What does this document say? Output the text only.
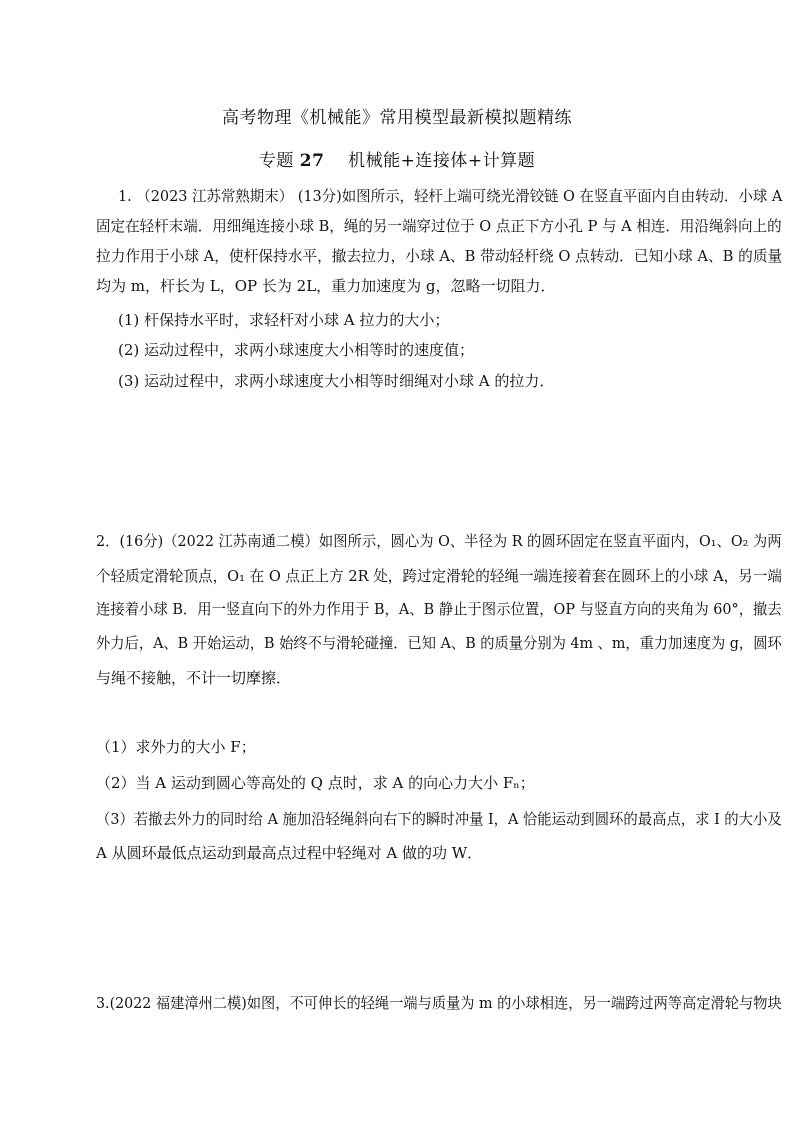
高考物理《机械能》常用模型最新模拟题精练
专题 27 机械能+连接体+计算题
1. （2023 江苏常熟期末） (13分)如图所示，轻杆上端可绕光滑铰链 O 在竖直平面内自由转动．小球 A
固定在轻杆末端．用细绳连接小球 B，绳的另一端穿过位于 O 点正下方小孔 P 与 A 相连．用沿绳斜向上的
拉力作用于小球 A，使杆保持水平，撤去拉力，小球 A、B 带动轻杆绕 O 点转动．已知小球 A、B 的质量
均为 m，杆长为 L，OP 长为 2L，重力加速度为 g，忽略一切阻力．
(1) 杆保持水平时，求轻杆对小球 A 拉力的大小；
(2) 运动过程中，求两小球速度大小相等时的速度值；
(3) 运动过程中，求两小球速度大小相等时细绳对小球 A 的拉力．
2．(16分)（2022 江苏南通二模）如图所示，圆心为 O、半径为 R 的圆环固定在竖直平面内，O₁、O₂ 为两
个轻质定滑轮顶点，O₁ 在 O 点正上方 2R 处，跨过定滑轮的轻绳一端连接着套在圆环上的小球 A，另一端
连接着小球 B．用一竖直向下的外力作用于 B，A、B 静止于图示位置，OP 与竖直方向的夹角为 60°，撤去
外力后，A、B 开始运动，B 始终不与滑轮碰撞．已知 A、B 的质量分别为 4m 、m，重力加速度为 g，圆环
与绳不接触，不计一切摩擦．
（1）求外力的大小 F；
（2）当 A 运动到圆心等高处的 Q 点时，求 A 的向心力大小 Fₙ；
（3）若撤去外力的同时给 A 施加沿轻绳斜向右下的瞬时冲量 I，A 恰能运动到圆环的最高点，求 I 的大小及
A 从圆环最低点运动到最高点过程中轻绳对 A 做的功 W．
3.(2022 福建漳州二模)如图，不可伸长的轻绳一端与质量为 m 的小球相连，另一端跨过两等高定滑轮与物块
